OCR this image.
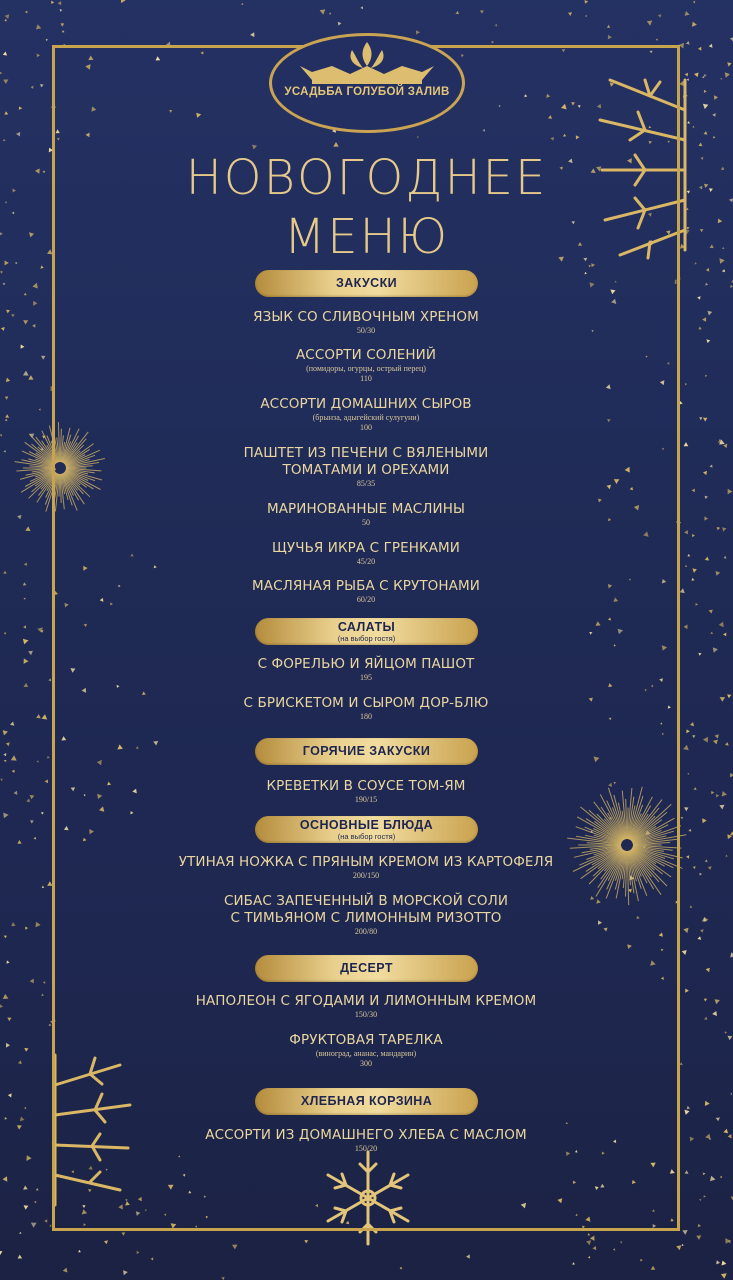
УСАДЬБА ГОЛУБОЙ ЗАЛИВ
НОВОГОДНЕЕ
МЕНЮ
ЗАКУСКИ
ЯЗЫК СО СЛИВОЧНЫМ ХРЕНОМ
50/30
АССОРТИ СОЛЕНИЙ
(помидоры, огурцы, острый перец)
110
АССОРТИ ДОМАШНИХ СЫРОВ
(брынза, адыгейский сулугуни)
100
ПАШТЕТ ИЗ ПЕЧЕНИ С ВЯЛЕНЫМИ
ТОМАТАМИ И ОРЕХАМИ
85/35
МАРИНОВАННЫЕ МАСЛИНЫ
50
ЩУЧЬЯ ИКРА С ГРЕНКАМИ
45/20
МАСЛЯНАЯ РЫБА С КРУТОНАМИ
60/20
САЛАТЫ
(на выбор гостя)
С ФОРЕЛЬЮ И ЯЙЦОМ ПАШОТ
195
С БРИСКЕТОМ И СЫРОМ ДОР-БЛЮ
180
ГОРЯЧИЕ ЗАКУСКИ
КРЕВЕТКИ В СОУСЕ ТОМ-ЯМ
190/15
ОСНОВНЫЕ БЛЮДА
(на выбор гостя)
УТИНАЯ НОЖКА С ПРЯНЫМ КРЕМОМ ИЗ КАРТОФЕЛЯ
200/150
СИБАС ЗАПЕЧЕННЫЙ В МОРСКОЙ СОЛИ
С ТИМЬЯНОМ С ЛИМОННЫМ РИЗОТТО
200/80
ДЕСЕРТ
НАПОЛЕОН С ЯГОДАМИ И ЛИМОННЫМ КРЕМОМ
150/30
ФРУКТОВАЯ ТАРЕЛКА
(виноград, ананас, мандарин)
300
ХЛЕБНАЯ КОРЗИНА
АССОРТИ ИЗ ДОМАШНЕГО ХЛЕБА С МАСЛОМ
150/20
